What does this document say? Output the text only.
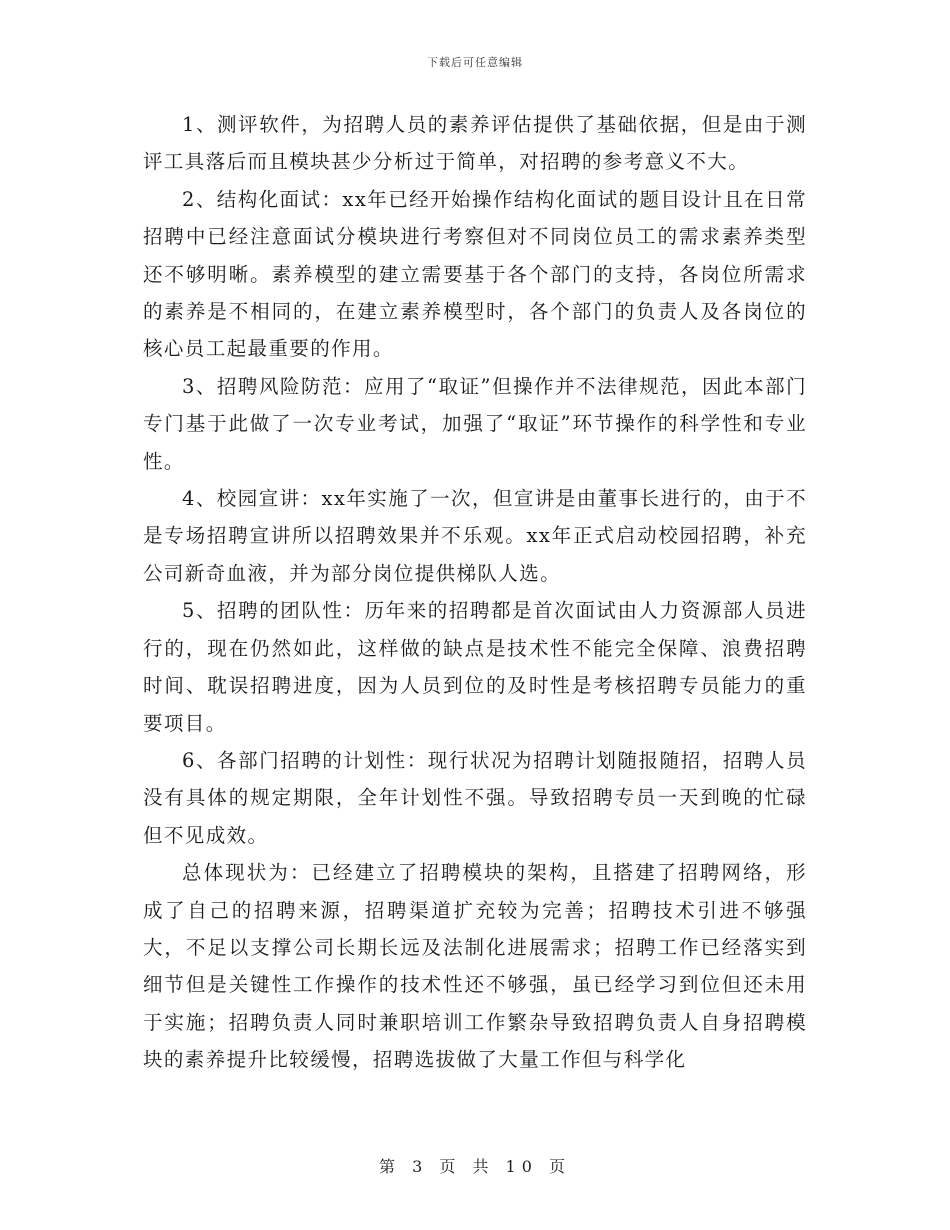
下载后可任意编辑

1、测评软件，为招聘人员的素养评估提供了基础依据，但是由于测评工具落后而且模块甚少分析过于简单，对招聘的参考意义不大。

2、结构化面试：xx年已经开始操作结构化面试的题目设计且在日常招聘中已经注意面试分模块进行考察但对不同岗位员工的需求素养类型还不够明晰。素养模型的建立需要基于各个部门的支持，各岗位所需求的素养是不相同的，在建立素养模型时，各个部门的负责人及各岗位的核心员工起最重要的作用。

3、招聘风险防范：应用了“取证”但操作并不法律规范，因此本部门专门基于此做了一次专业考试，加强了“取证”环节操作的科学性和专业性。

4、校园宣讲：xx年实施了一次，但宣讲是由董事长进行的，由于不是专场招聘宣讲所以招聘效果并不乐观。xx年正式启动校园招聘，补充公司新奇血液，并为部分岗位提供梯队人选。

5、招聘的团队性：历年来的招聘都是首次面试由人力资源部人员进行的，现在仍然如此，这样做的缺点是技术性不能完全保障、浪费招聘时间、耽误招聘进度，因为人员到位的及时性是考核招聘专员能力的重要项目。

6、各部门招聘的计划性：现行状况为招聘计划随报随招，招聘人员没有具体的规定期限，全年计划性不强。导致招聘专员一天到晚的忙碌但不见成效。

总体现状为：已经建立了招聘模块的架构，且搭建了招聘网络，形成了自己的招聘来源，招聘渠道扩充较为完善；招聘技术引进不够强大，不足以支撑公司长期长远及法制化进展需求；招聘工作已经落实到细节但是关键性工作操作的技术性还不够强，虽已经学习到位但还未用于实施；招聘负责人同时兼职培训工作繁杂导致招聘负责人自身招聘模块的素养提升比较缓慢，招聘选拔做了大量工作但与科学化

第 3 页 共 10 页
